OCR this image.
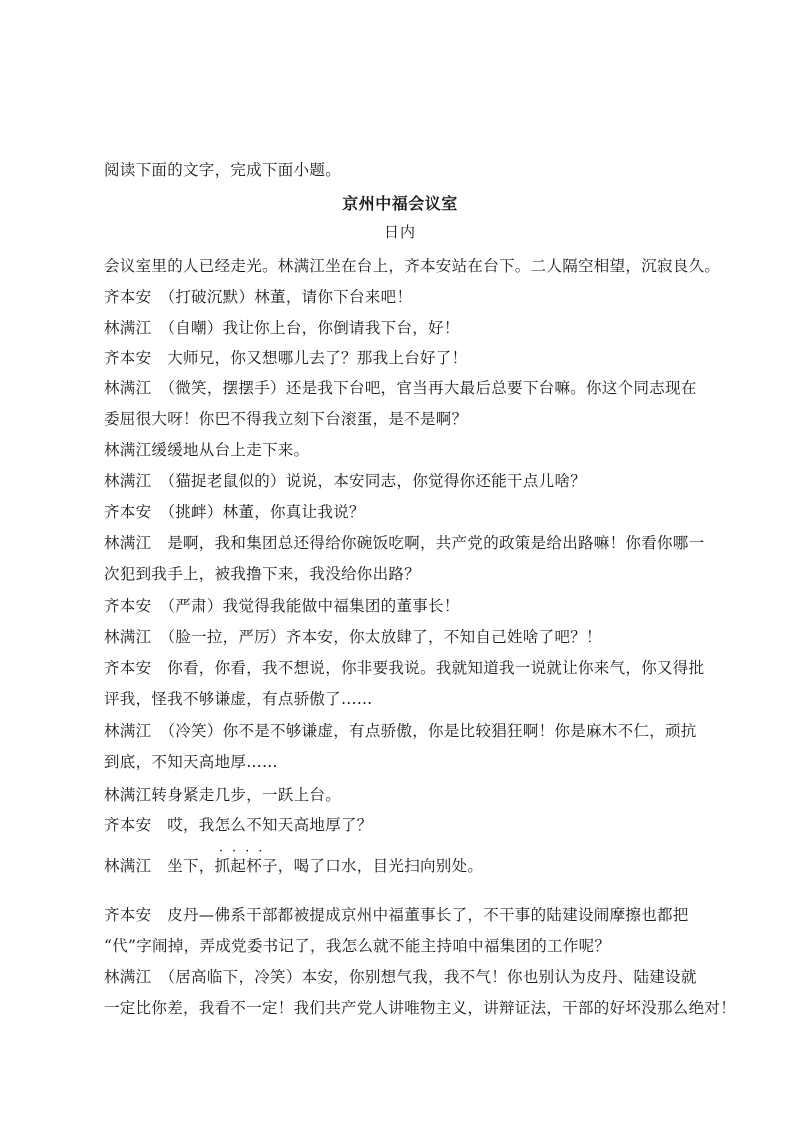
阅读下面的文字，完成下面小题。
京州中福会议室
日内
会议室里的人已经走光。林满江坐在台上，齐本安站在台下。二人隔空相望，沉寂良久。
齐本安　（打破沉默）林董，请你下台来吧！
林满江　（自嘲）我让你上台，你倒请我下台，好！
齐本安　大师兄，你又想哪儿去了？那我上台好了！
林满江　（微笑，摆摆手）还是我下台吧，官当再大最后总要下台嘛。你这个同志现在
委屈很大呀！你巴不得我立刻下台滚蛋，是不是啊？
林满江缓缓地从台上走下来。
林满江　（猫捉老鼠似的）说说，本安同志，你觉得你还能干点儿啥？
齐本安　（挑衅）林董，你真让我说？
林满江　是啊，我和集团总还得给你碗饭吃啊，共产党的政策是给出路嘛！你看你哪一
次犯到我手上，被我撸下来，我没给你出路？
齐本安　（严肃）我觉得我能做中福集团的董事长！
林满江　（脸一拉，严厉）齐本安，你太放肆了，不知自己姓啥了吧？！
齐本安　你看，你看，我不想说，你非要我说。我就知道我一说就让你来气，你又得批
评我，怪我不够谦虚，有点骄傲了……
林满江　（冷笑）你不是不够谦虚，有点骄傲，你是比较猖狂啊！你是麻木不仁，顽抗
到底，不知天高地厚……
林满江转身紧走几步，一跃上台。
齐本安　哎，我怎么不知天高地厚了？
林满江　坐下，抓起杯子，喝了口水，目光扫向别处。
····
齐本安　皮丹—佛系干部都被提成京州中福董事长了，不干事的陆建设闹摩擦也都把
“代”字闹掉，弄成党委书记了，我怎么就不能主持咱中福集团的工作呢？
林满江　（居高临下，冷笑）本安，你别想气我，我不气！你也别认为皮丹、陆建设就
一定比你差，我看不一定！我们共产党人讲唯物主义，讲辩证法，干部的好坏没那么绝对！
